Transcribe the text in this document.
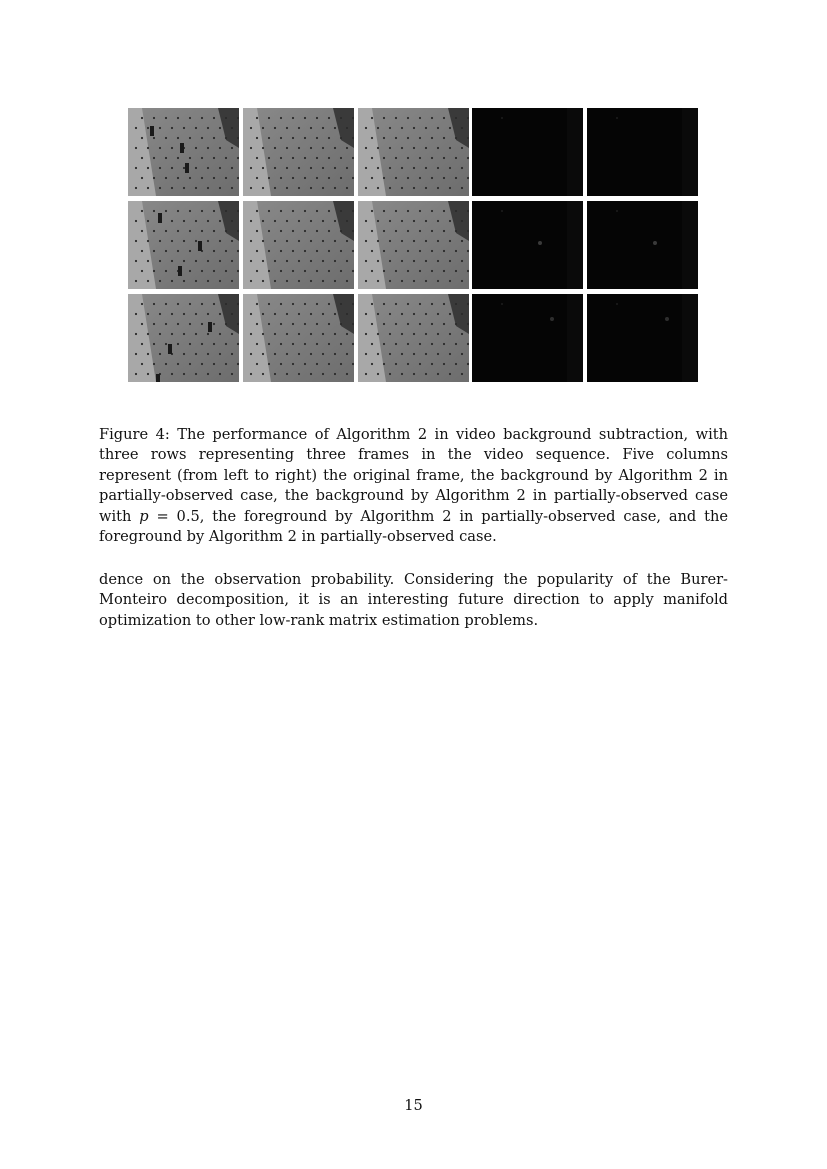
Figure 4: The performance of Algorithm 2 in video background subtraction, with three rows representing three frames in the video sequence. Five columns represent (from left to right) the original frame, the background by Algorithm 2 in partially-observed case, the background by Algorithm 2 in partially-observed case with p = 0.5, the foreground by Algorithm 2 in partially-observed case, and the foreground by Algorithm 2 in partially-observed case.

dence on the observation probability. Considering the popularity of the Burer-Monteiro decomposition, it is an interesting future direction to apply manifold optimization to other low-rank matrix estimation problems.

15
